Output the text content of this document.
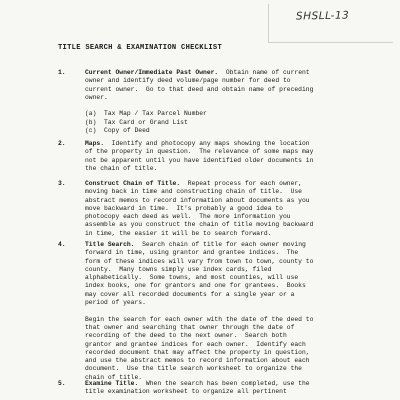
SHSLL-13
TITLE SEARCH & EXAMINATION CHECKLIST
1.	Current Owner/Immediate Past Owner.  Obtain name of current
owner and identify deed volume/page number for deed to
current owner.  Go to that deed and obtain name of preceding
owner.

(a)  Tax Map / Tax Parcel Number
(b)  Tax Card or Grand List
(c)  Copy of Deed
2.	Maps.  Identify and photocopy any maps showing the location
of the property in question.  The relevance of some maps may
not be apparent until you have identified older documents in
the chain of title.
3.	Construct Chain of Title.  Repeat process for each owner,
moving back in time and constructing chain of title.  Use
abstract memos to record information about documents as you
move backward in time.  It's probably a good idea to
photocopy each deed as well.  The more information you
assemble as you construct the chain of title moving backward
in time, the easier it will be to search forward.
4.	Title Search.  Search chain of title for each owner moving
forward in time, using grantor and grantee indices.  The
form of these indices will vary from town to town, county to
county.  Many towns simply use index cards, filed
alphabetically.  Some towns, and most counties, will use
index books, one for grantors and one for grantees.  Books
may cover all recorded documents for a single year or a
period of years.

Begin the search for each owner with the date of the deed to
that owner and searching that owner through the date of
recording of the deed to the next owner.  Search both
grantor and grantee indices for each owner.  Identify each
recorded document that may affect the property in question,
and use the abstract memos to record information about each
document.  Use the title search worksheet to organize the
chain of title.
5.	Examine Title.  When the search has been completed, use the
title examination worksheet to organize all pertinent
